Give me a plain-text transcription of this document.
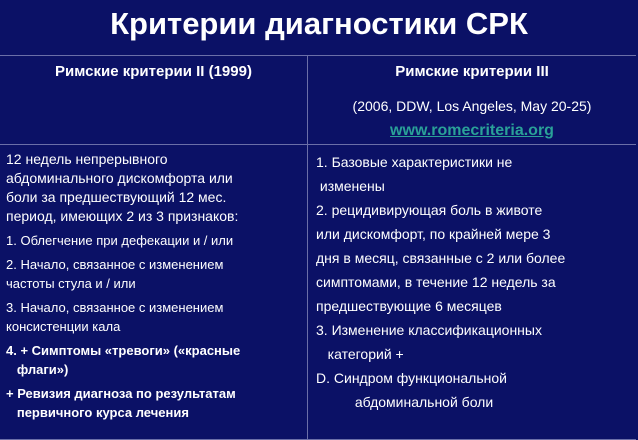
Критерии диагностики СРК
Римские критерии II (1999)	Римские критерии III
(2006, DDW, Los Angeles, May 20-25)
www.romecriteria.org

12 недель непрерывного

абдоминального дискомфорта или

боли за предшествующий 12 мес.

период, имеющих 2 из 3 признаков:

1. Облегчение при дефекации и / или

2. Начало, связанное с изменением

частоты стула и / или

3. Начало, связанное с изменением

консистенции кала

4. + Симптомы «тревоги» («красные

флаги»)

+ Ревизия диагноза по результатам

первичного курса лечения

1. Базовые характеристики не

изменены

2. рецидивирующая боль в животе

или дискомфорт, по крайней мере 3

дня в месяц, связанные с 2 или более

симптомами, в течение 12 недель за

предшествующие 6 месяцев

3. Изменение классификационных

категорий +

D. Синдром функциональной

абдоминальной боли
